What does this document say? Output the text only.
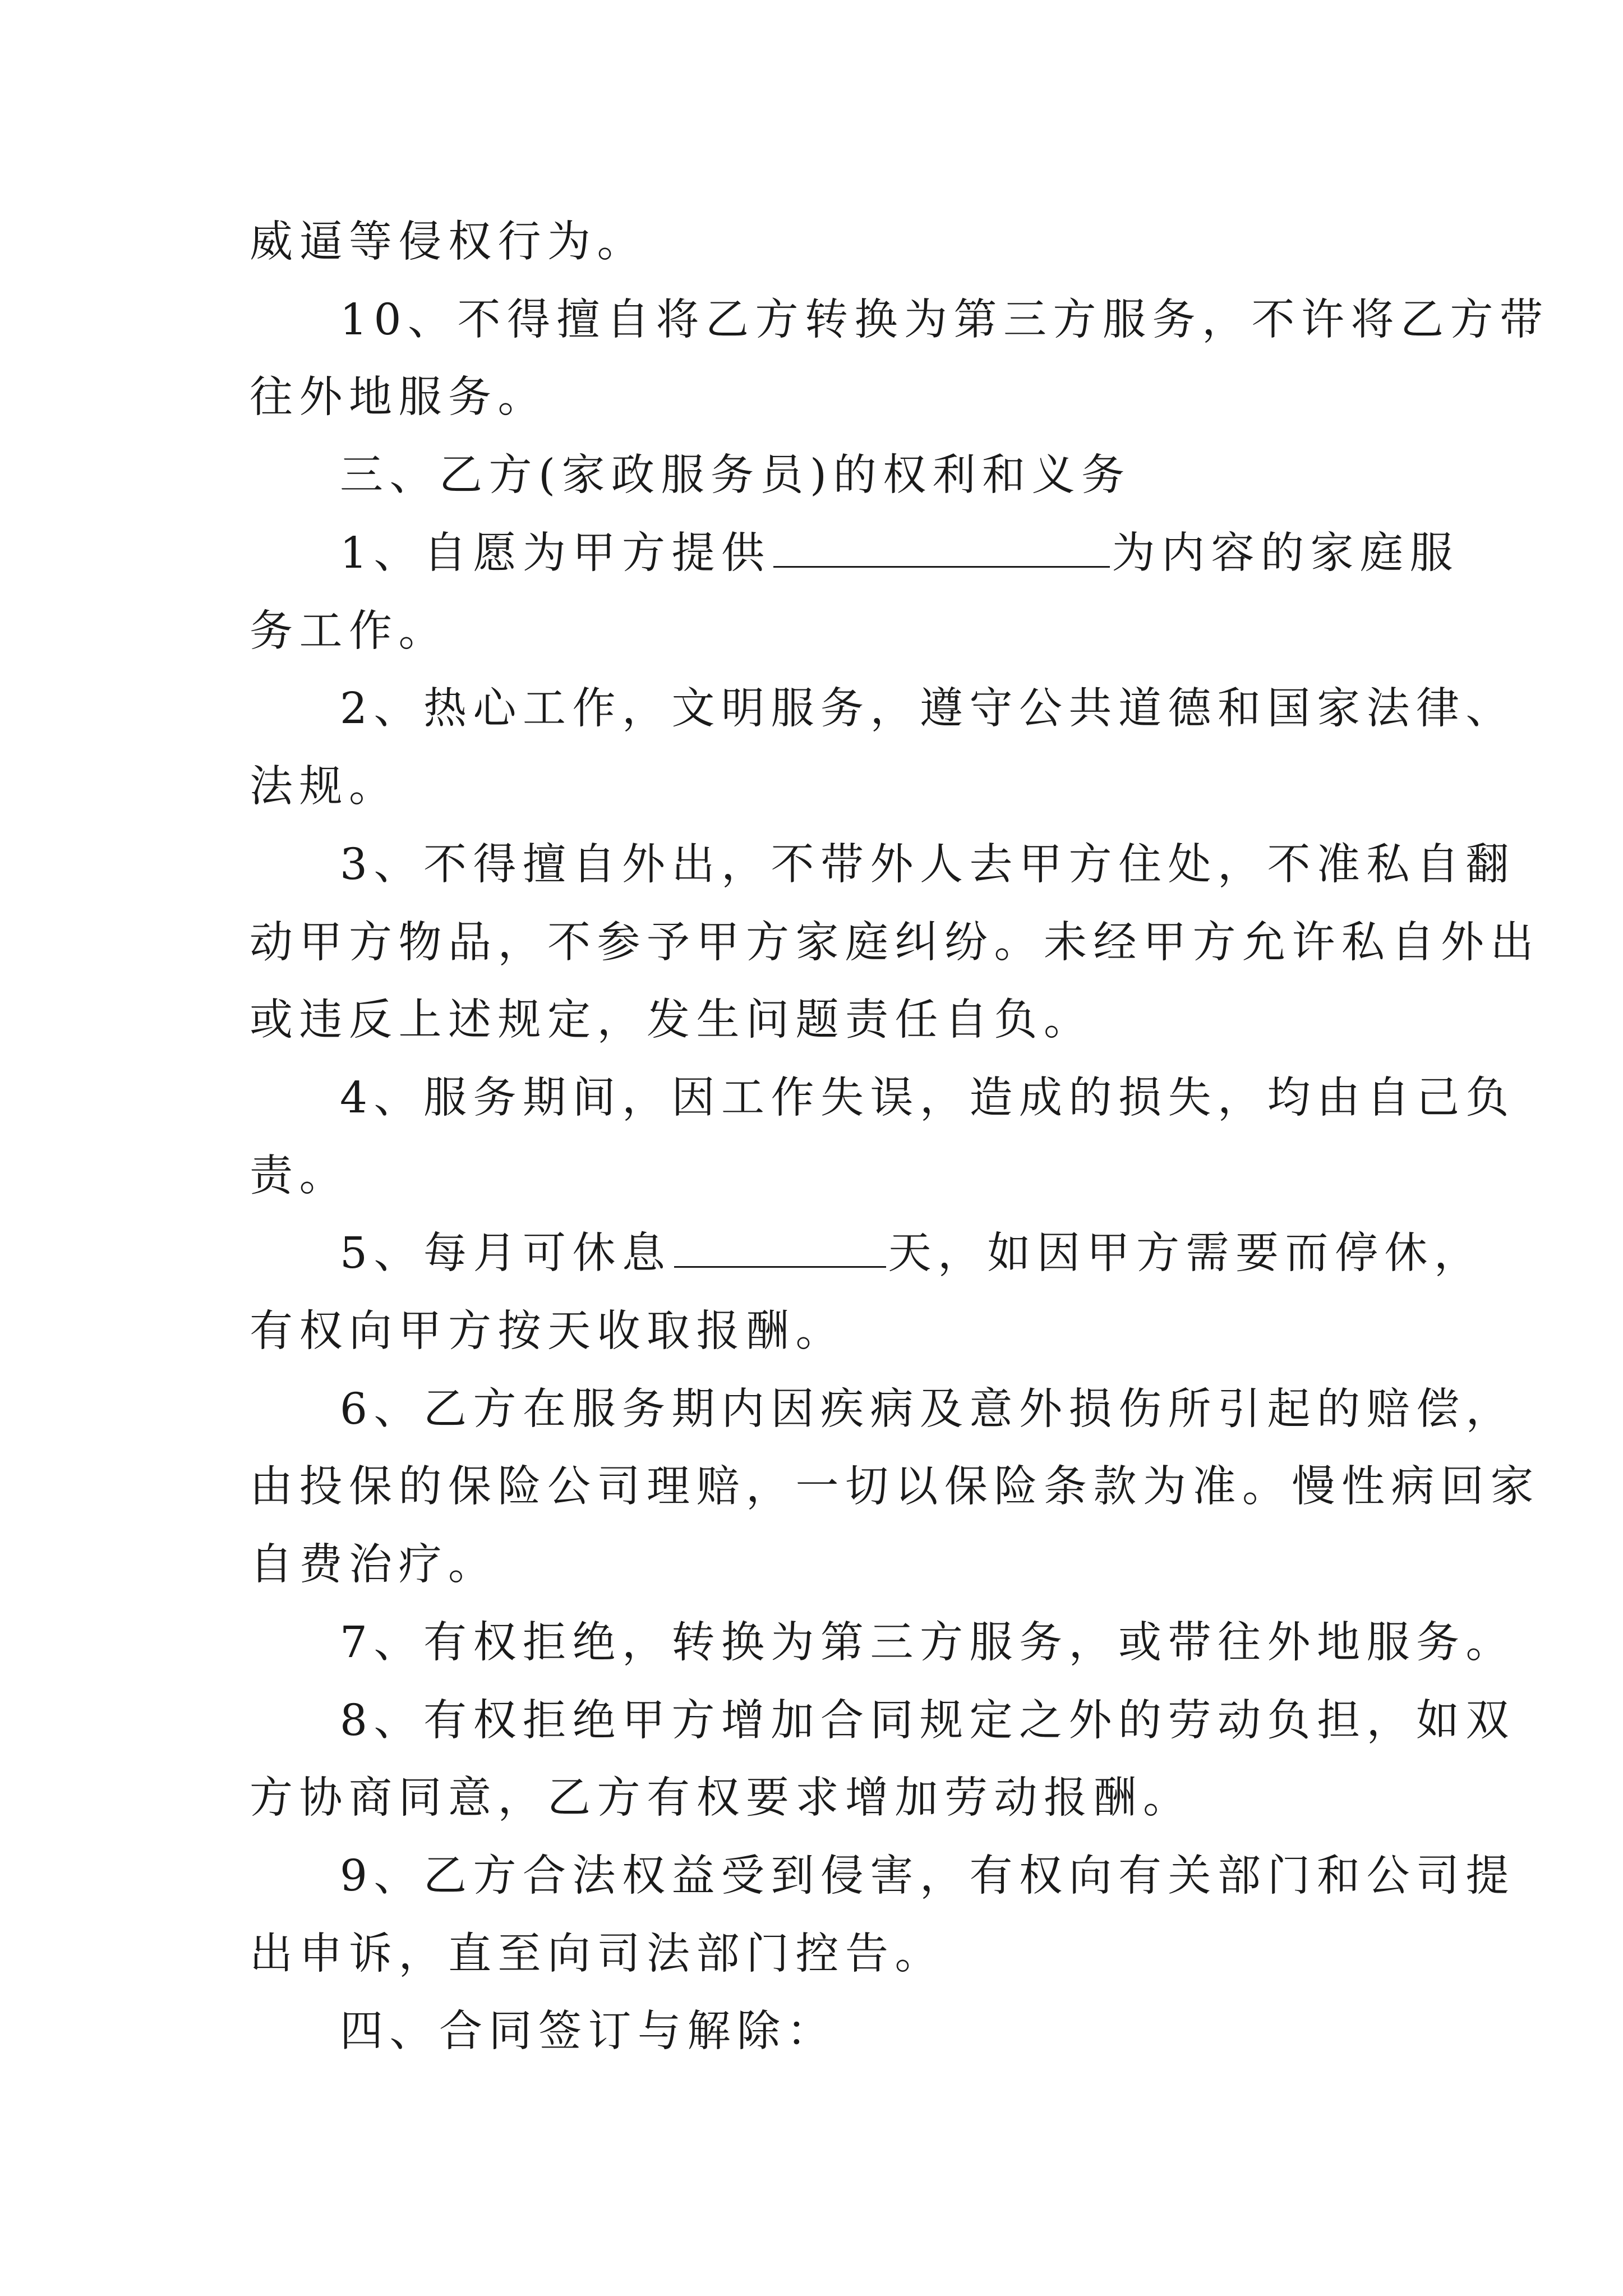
威逼等侵权行为。
10、不得擅自将乙方转换为第三方服务，不许将乙方带
往外地服务。
三、乙方(家政服务员)的权利和义务
1、自愿为甲方提供	为内容的家庭服
务工作。
2、热心工作，文明服务，遵守公共道德和国家法律、
法规。
3、不得擅自外出，不带外人去甲方住处，不准私自翻
动甲方物品，不参予甲方家庭纠纷。未经甲方允许私自外出
或违反上述规定，发生问题责任自负。
4、服务期间，因工作失误，造成的损失，均由自己负
责。
5、每月可休息	天，如因甲方需要而停休，
有权向甲方按天收取报酬。
6、乙方在服务期内因疾病及意外损伤所引起的赔偿，
由投保的保险公司理赔，一切以保险条款为准。慢性病回家
自费治疗。
7、有权拒绝，转换为第三方服务，或带往外地服务。
8、有权拒绝甲方增加合同规定之外的劳动负担，如双
方协商同意，乙方有权要求增加劳动报酬。
9、乙方合法权益受到侵害，有权向有关部门和公司提
出申诉，直至向司法部门控告。
四、合同签订与解除：
